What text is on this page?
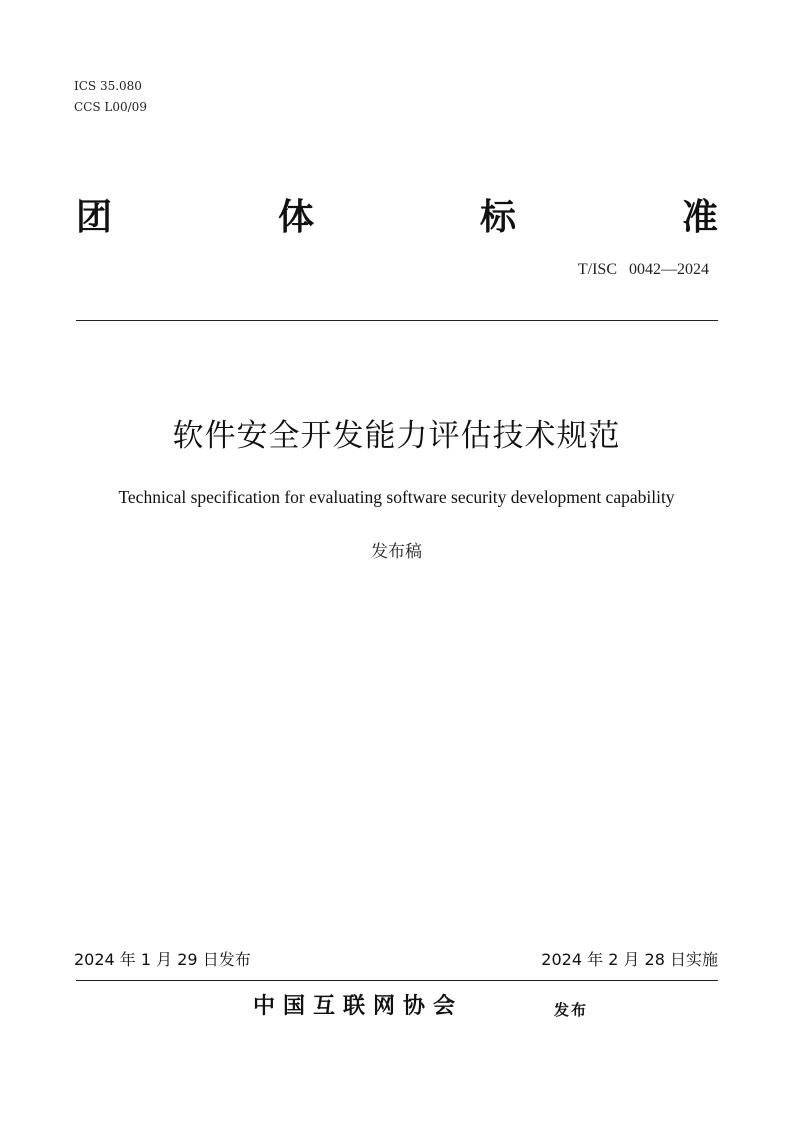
ICS 35.080
CCS L00/09
团	体	标	准
T/ISC   0042—2024
软件安全开发能力评估技术规范
Technical specification for evaluating software security development capability
发布稿
2024 年 1 月 29 日发布	2024 年 2 月 28 日实施
中国互联网协会	发布
